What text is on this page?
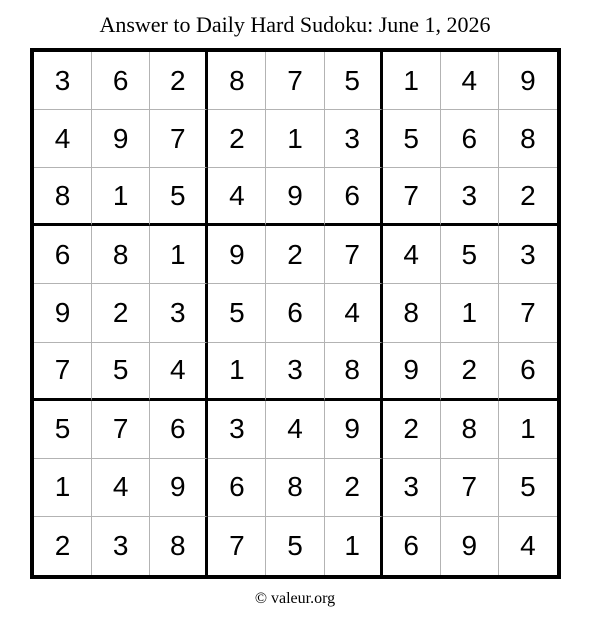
Answer to Daily Hard Sudoku: June 1, 2026
3	6	2	8	7	5	1	4	9
4	9	7	2	1	3	5	6	8
8	1	5	4	9	6	7	3	2
6	8	1	9	2	7	4	5	3
9	2	3	5	6	4	8	1	7
7	5	4	1	3	8	9	2	6
5	7	6	3	4	9	2	8	1
1	4	9	6	8	2	3	7	5
2	3	8	7	5	1	6	9	4
© valeur.org
